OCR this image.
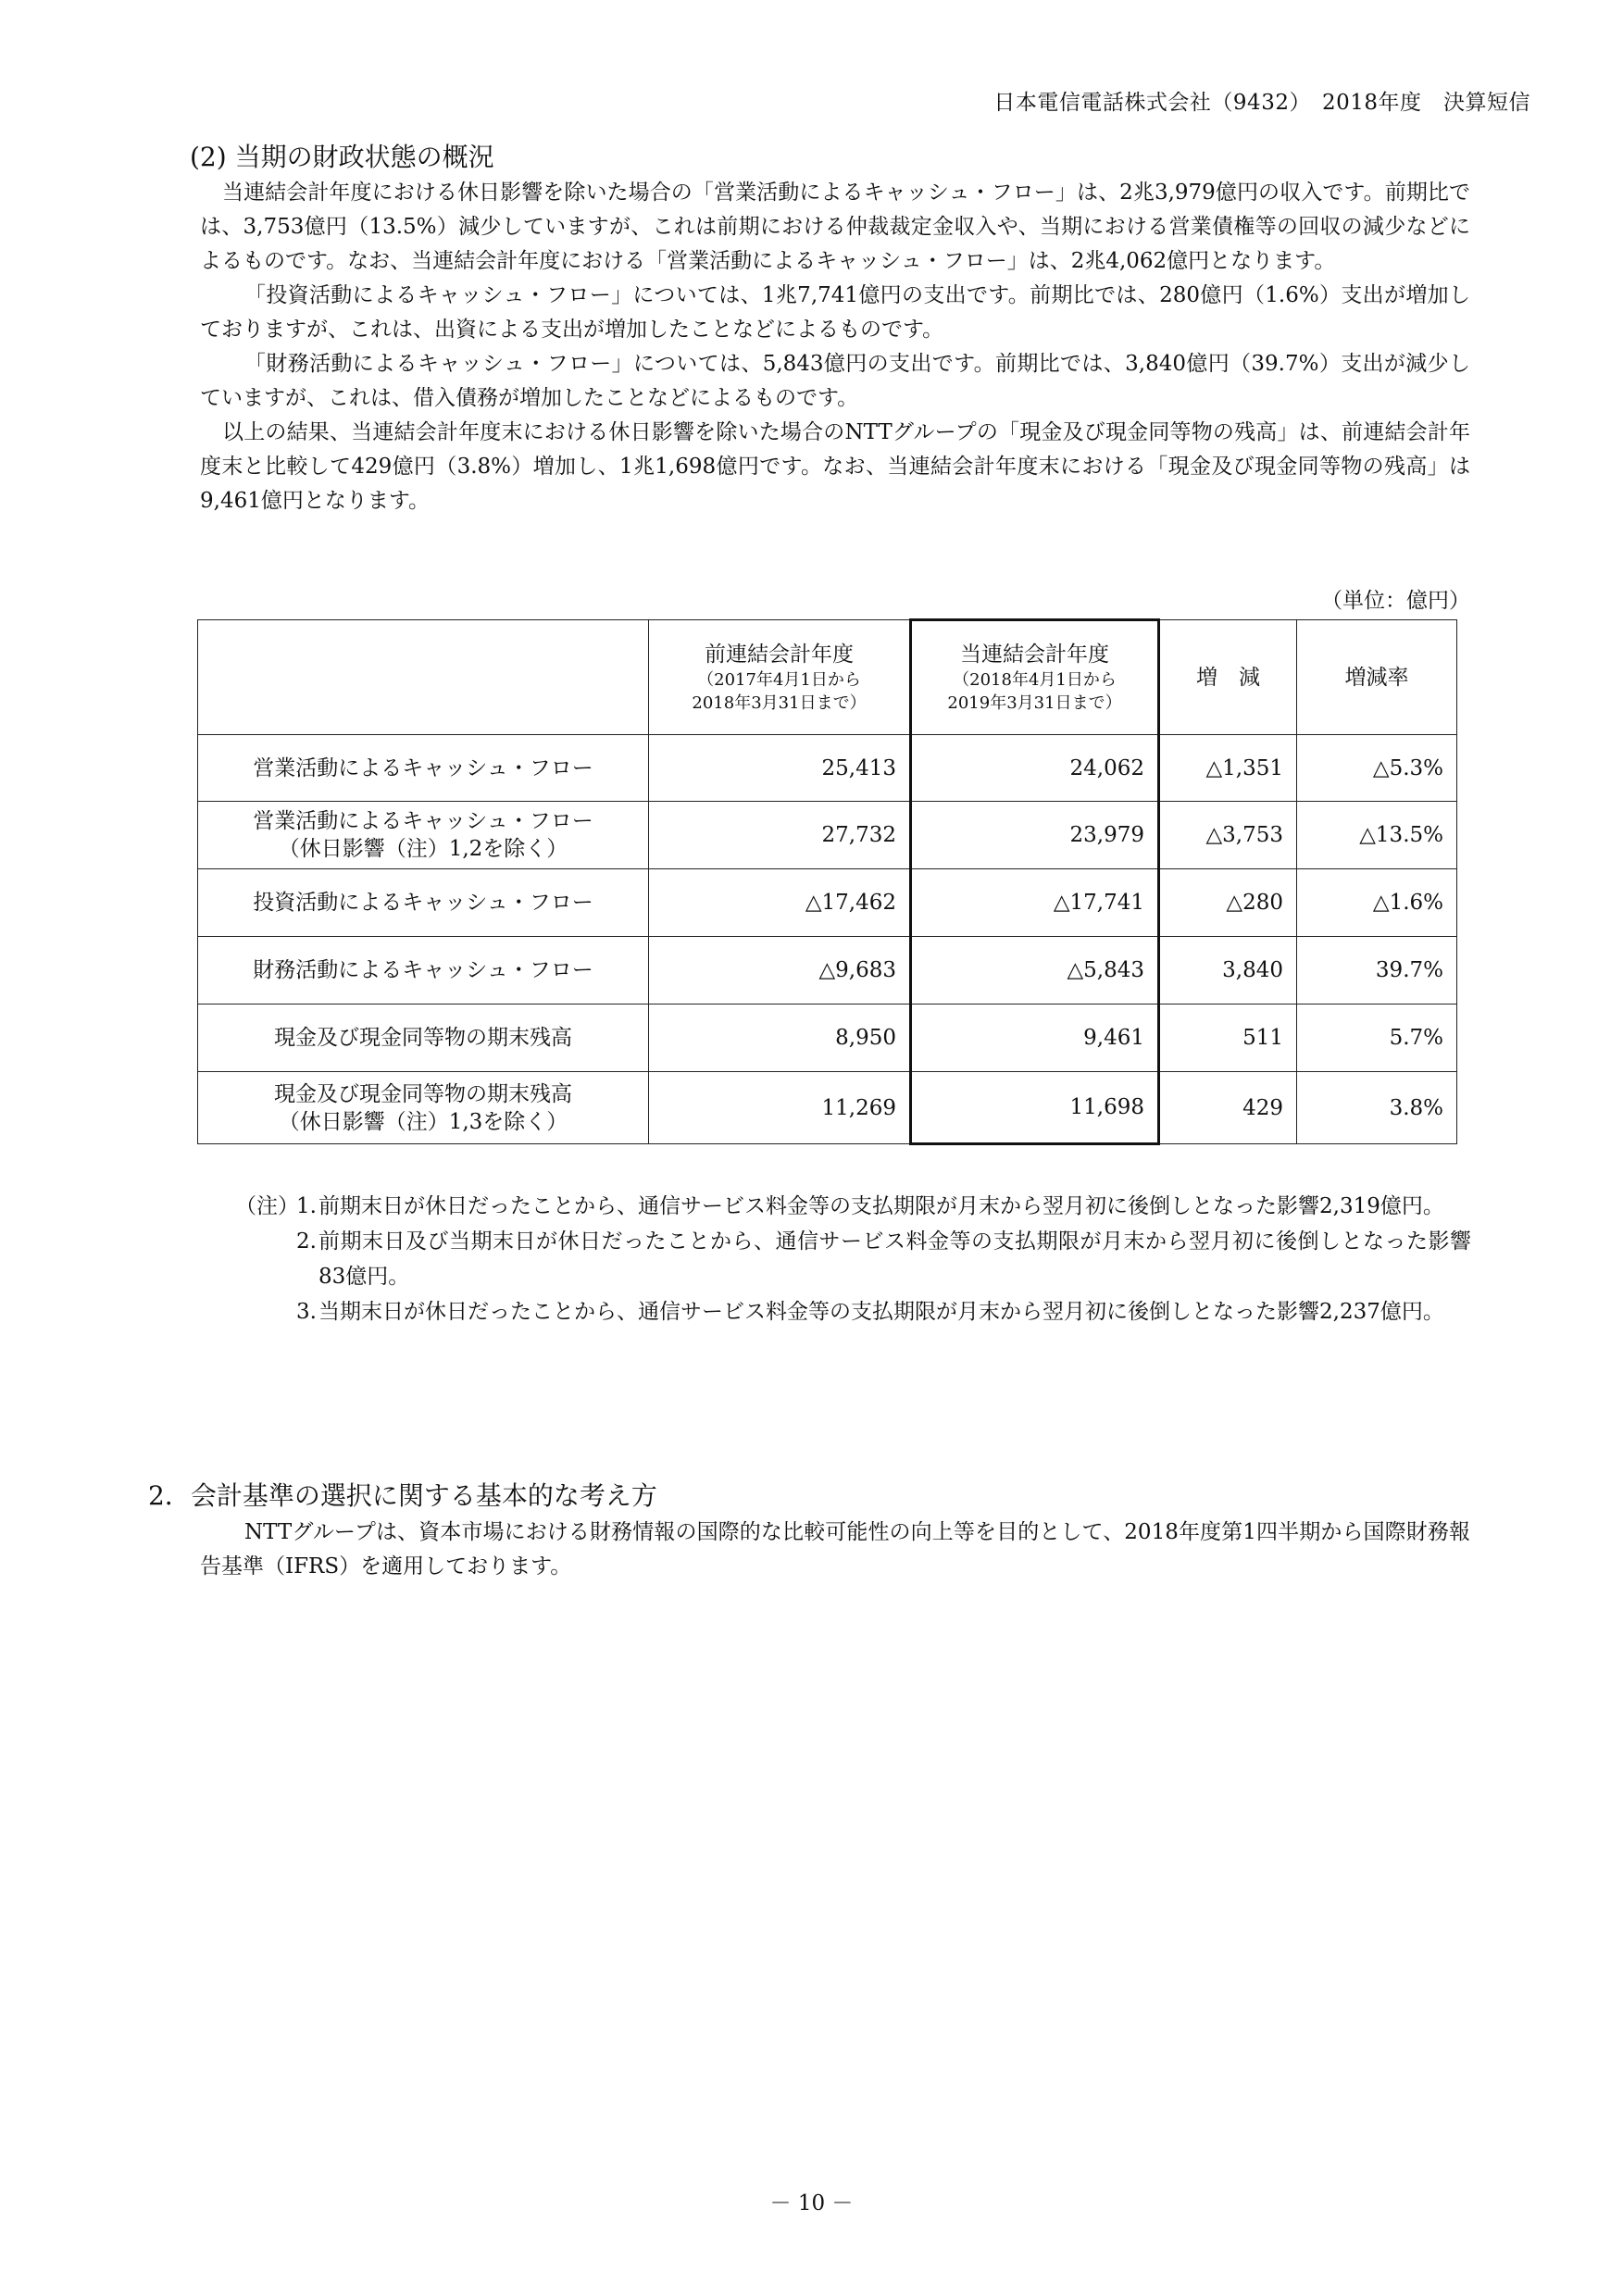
日本電信電話株式会社（9432）　2018年度　決算短信
(2) 当期の財政状態の概況

当連結会計年度における休日影響を除いた場合の「営業活動によるキャッシュ・フロー」は、2兆3,979億円の収入です。前期比では、3,753億円（13.5%）減少していますが、これは前期における仲裁裁定金収入や、当期における営業債権等の回収の減少などによるものです。なお、当連結会計年度における「営業活動によるキャッシュ・フロー」は、2兆4,062億円となります。

「投資活動によるキャッシュ・フロー」については、1兆7,741億円の支出です。前期比では、280億円（1.6%）支出が増加しておりますが、これは、出資による支出が増加したことなどによるものです。

「財務活動によるキャッシュ・フロー」については、5,843億円の支出です。前期比では、3,840億円（39.7%）支出が減少していますが、これは、借入債務が増加したことなどによるものです。

以上の結果、当連結会計年度末における休日影響を除いた場合のNTTグループの「現金及び現金同等物の残高」は、前連結会計年度末と比較して429億円（3.8%）増加し、1兆1,698億円です。なお、当連結会計年度末における「現金及び現金同等物の残高」は9,461億円となります。

（単位：億円）
	前連結会計年度
（2017年4月1日から
2018年3月31日まで）	当連結会計年度
（2018年4月1日から
2019年3月31日まで）	増　減	増減率

営業活動によるキャッシュ・フロー	25,413	24,062	△1,351	△5.3%

営業活動によるキャッシュ・フロー
（休日影響（注）1,2を除く）	27,732	23,979	△3,753	△13.5%

投資活動によるキャッシュ・フロー	△17,462	△17,741	△280	△1.6%

財務活動によるキャッシュ・フロー	△9,683	△5,843	3,840	39.7%

現金及び現金同等物の期末残高	8,950	9,461	511	5.7%

現金及び現金同等物の期末残高
（休日影響（注）1,3を除く）	11,269	11,698	429	3.8%
（注）
1. 前期末日が休日だったことから、通信サービス料金等の支払期限が月末から翌月初に後倒しとなった影響2,319億円。
2. 前期末日及び当期末日が休日だったことから、通信サービス料金等の支払期限が月末から翌月初に後倒しとなった影響83億円。
3. 当期末日が休日だったことから、通信サービス料金等の支払期限が月末から翌月初に後倒しとなった影響2,237億円。
2．会計基準の選択に関する基本的な考え方

NTTグループは、資本市場における財務情報の国際的な比較可能性の向上等を目的として、2018年度第1四半期から国際財務報告基準（IFRS）を適用しております。

－ 10 －
